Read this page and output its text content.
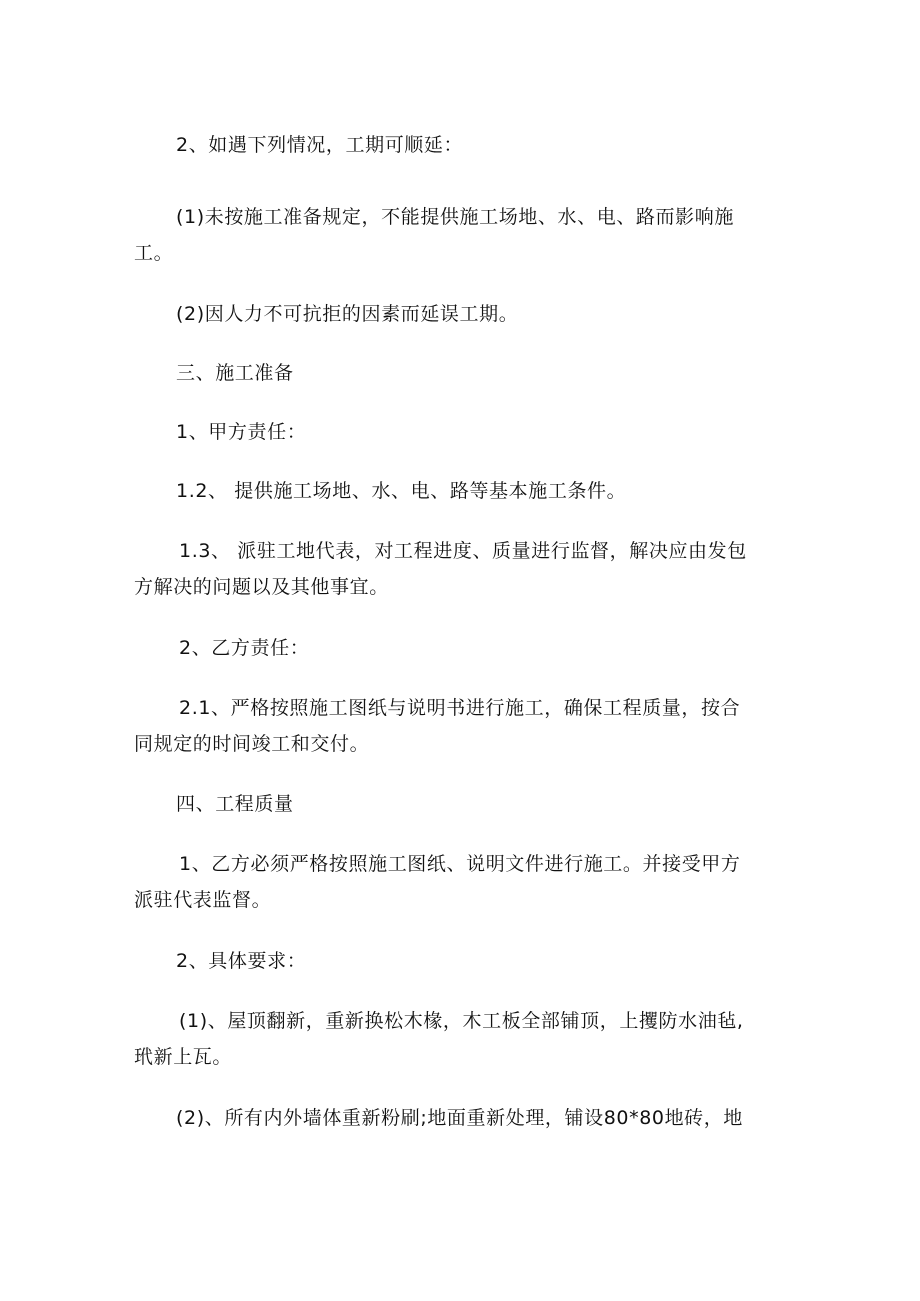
2、如遇下列情况，工期可顺延：

(1)未按施工准备规定，不能提供施工场地、水、电、路而影响施工。

(2)因人力不可抗拒的因素而延误工期。

三、施工准备

1、甲方责任：

1.2、 提供施工场地、水、电、路等基本施工条件。

1.3、 派驻工地代表，对工程进度、质量进行监督，解决应由发包方解决的问题以及其他事宜。

2、乙方责任：

2.1、严格按照施工图纸与说明书进行施工，确保工程质量，按合同规定的时间竣工和交付。

四、工程质量

1、乙方必须严格按照施工图纸、说明文件进行施工。并接受甲方派驻代表监督。

2、具体要求：

(1)、屋顶翻新，重新换松木椽，木工板全部铺顶，上攫防水油毡,玳新上瓦。

(2)、所有内外墙体重新粉刷;地面重新处理，铺设80*80地砖，地
